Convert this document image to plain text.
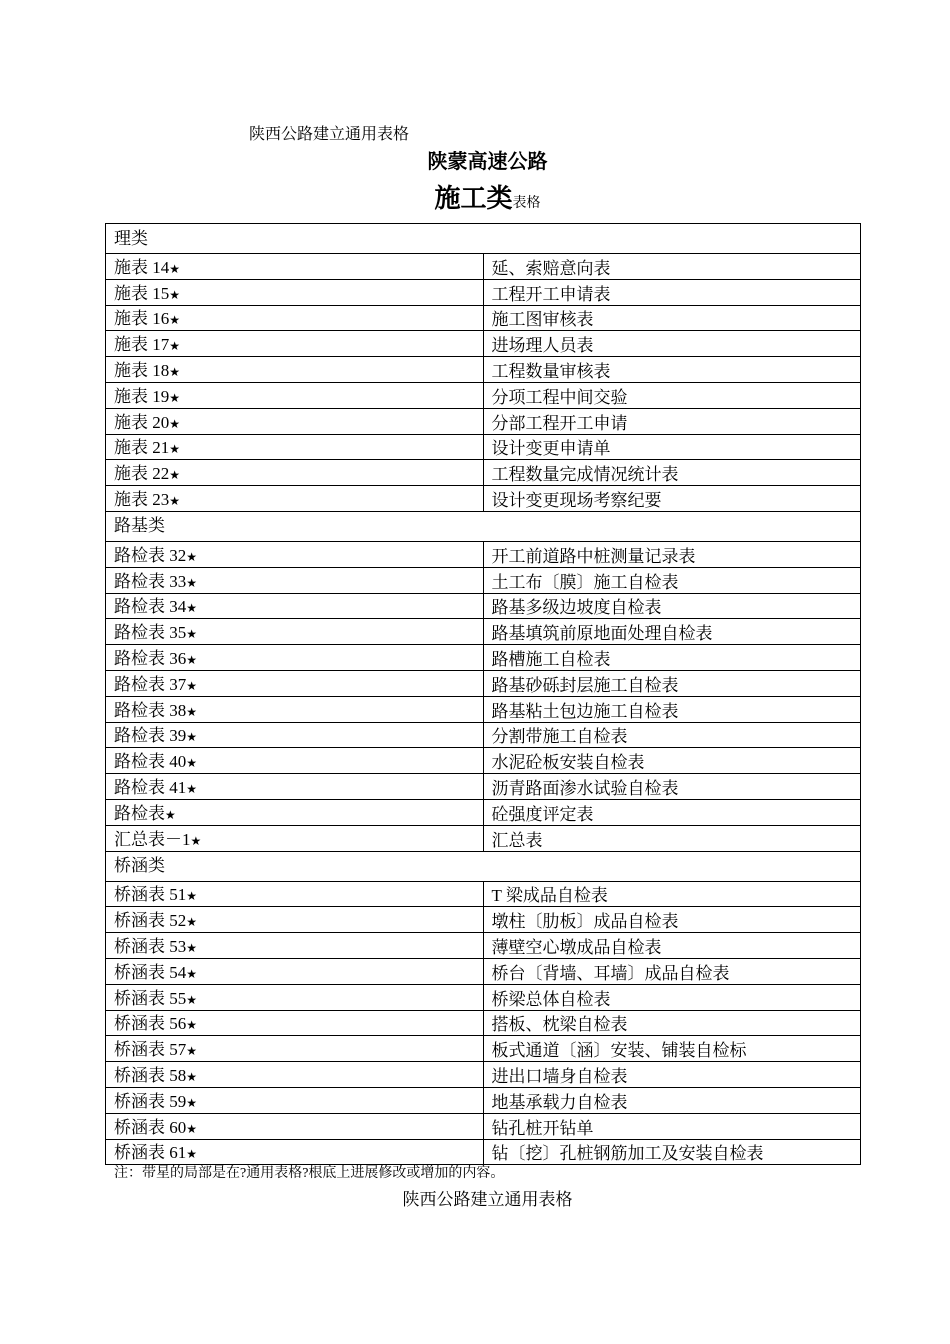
陕西公路建立通用表格
陕蒙高速公路
施工类表格
理类	
施表 14★	延、索赔意向表
施表 15★	工程开工申请表
施表 16★	施工图审核表
施表 17★	进场理人员表
施表 18★	工程数量审核表
施表 19★	分项工程中间交验
施表 20★	分部工程开工申请
施表 21★	设计变更申请单
施表 22★	工程数量完成情况统计表
施表 23★	设计变更现场考察纪要
路基类	
路检表 32★	开工前道路中桩测量记录表
路检表 33★	土工布〔膜〕施工自检表
路检表 34★	路基多级边坡度自检表
路检表 35★	路基填筑前原地面处理自检表
路检表 36★	路槽施工自检表
路检表 37★	路基砂砾封层施工自检表
路检表 38★	路基粘土包边施工自检表
路检表 39★	分割带施工自检表
路检表 40★	水泥砼板安装自检表
路检表 41★	沥青路面渗水试验自检表
路检表★	砼强度评定表
汇总表－1★	汇总表
桥涵类	
桥涵表 51★	T 梁成品自检表
桥涵表 52★	墩柱〔肋板〕成品自检表
桥涵表 53★	薄壁空心墩成品自检表
桥涵表 54★	桥台〔背墙、耳墙〕成品自检表
桥涵表 55★	桥梁总体自检表
桥涵表 56★	搭板、枕梁自检表
桥涵表 57★	板式通道〔涵〕安装、铺装自检标
桥涵表 58★	进出口墙身自检表
桥涵表 59★	地基承载力自检表
桥涵表 60★	钻孔桩开钻单
桥涵表 61★	钻〔挖〕孔桩钢筋加工及安装自检表
注：带星的局部是在?通用表格?根底上进展修改或增加的内容。
陕西公路建立通用表格
